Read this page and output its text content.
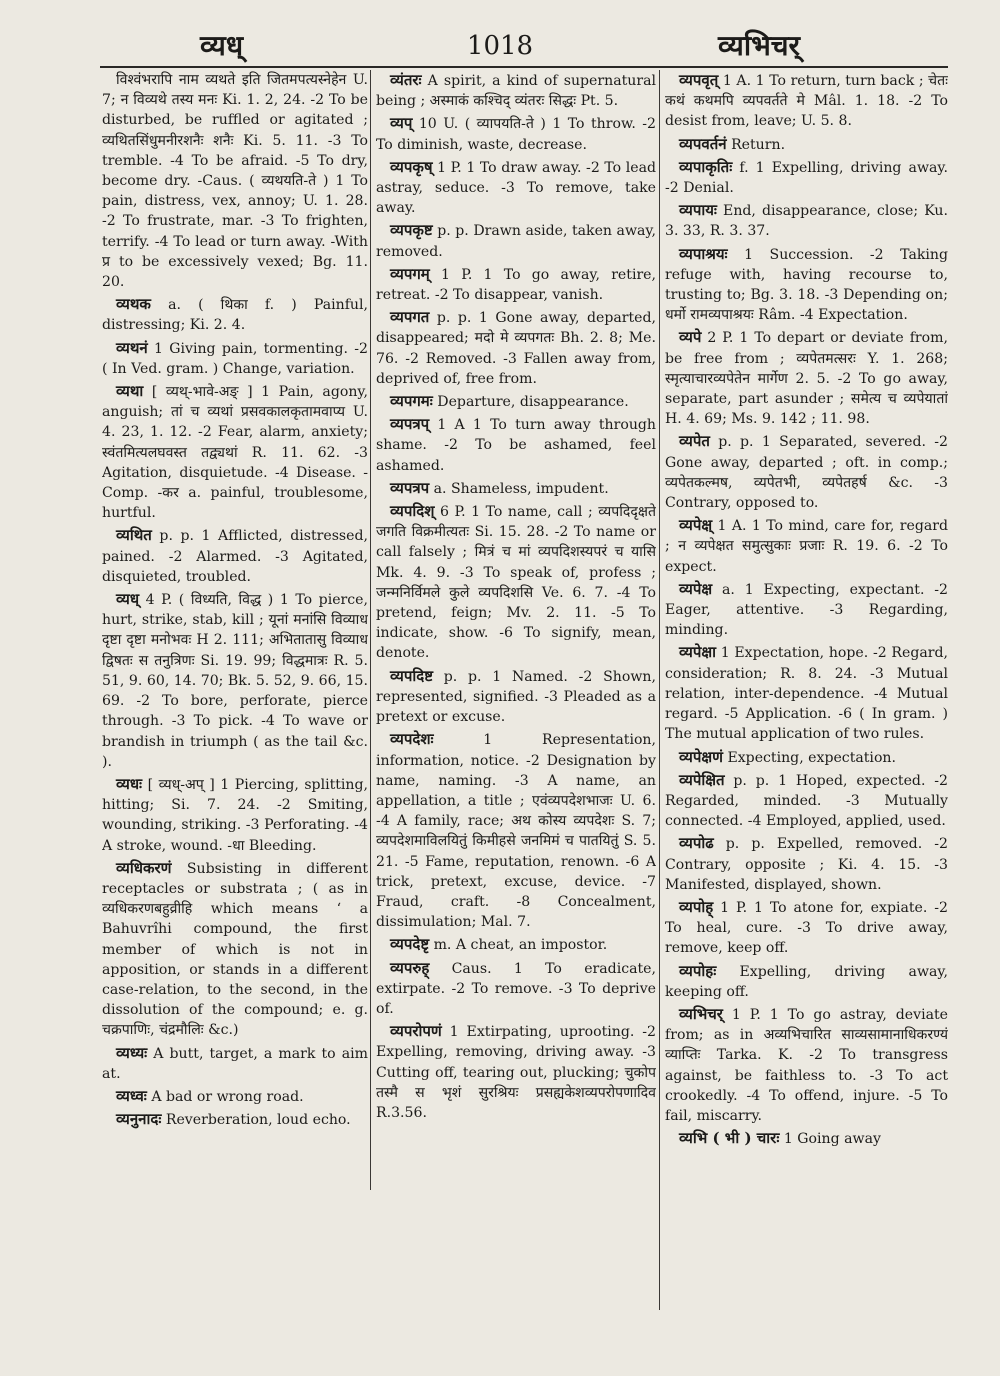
व्यध्	1018	व्यभिचर्

विश्वंभरापि नाम व्यथते इति जितमपत्यस्नेहेन U. 7; न विव्यथे तस्य मनः Ki. 1. 2, 24. -2 To be disturbed, be ruffled or agitated ; व्यथितसिंधुमनीरशनैः शनैः Ki. 5. 11. -3 To tremble. -4 To be afraid. -5 To dry, become dry. -Caus. ( व्यथयति-ते ) 1 To pain, distress, vex, annoy; U. 1. 28. -2 To frustrate, mar. -3 To frighten, terrify. -4 To lead or turn away. -With प्र to be excessively vexed; Bg. 11. 20.

व्यथक a. ( थिका f. ) Painful, distressing; Ki. 2. 4.

व्यथनं 1 Giving pain, tormenting. -2 ( In Ved. gram. ) Change, variation.

व्यथा [ व्यथ्-भावे-अङ् ] 1 Pain, agony, anguish; तां च व्यथां प्रसवकालकृतामवाप्य U. 4. 23, 1. 12. -2 Fear, alarm, anxiety; स्वंतमित्यलघवस्त तद्व्यथां R. 11. 62. -3 Agitation, disquietude. -4 Disease. -Comp. -कर a. painful, troublesome, hurtful.

व्यथित p. p. 1 Afflicted, distressed, pained. -2 Alarmed. -3 Agitated, disquieted, troubled.

व्यध् 4 P. ( विध्यति, विद्ध ) 1 To pierce, hurt, strike, stab, kill ; यूनां मनांसि विव्याध दृष्टा दृष्टा मनोभवः H 2. 111; अभितातासु विव्याध द्विषतः स तनुत्रिणः Si. 19. 99; विद्धमात्रः R. 5. 51, 9. 60, 14. 70; Bk. 5. 52, 9. 66, 15. 69. -2 To bore, perforate, pierce through. -3 To pick. -4 To wave or brandish in triumph ( as the tail &c. ).

व्यधः [ व्यध्-अप् ] 1 Piercing, splitting, hitting; Si. 7. 24. -2 Smiting, wounding, striking. -3 Perforating. -4 A stroke, wound. -धा Bleeding.

व्यधिकरणं Subsisting in different receptacles or substrata ; ( as in व्यधिकरणबहुव्रीहि which means ‘ a Bahuvrîhi compound, the first member of which is not in apposition, or stands in a different case-relation, to the second, in the dissolution of the compound; e. g. चक्रपाणिः, चंद्रमौलिः &c.)

व्यध्यः A butt, target, a mark to aim at.

व्यध्वः A bad or wrong road.

व्यनुनादः Reverberation, loud echo.

व्यंतरः A spirit, a kind of supernatural being ; अस्माकं कश्चिद् व्यंतरः सिद्धः Pt. 5.

व्यप् 10 U. ( व्यापयति-ते ) 1 To throw. -2 To diminish, waste, decrease.

व्यपकृष् 1 P. 1 To draw away. -2 To lead astray, seduce. -3 To remove, take away.

व्यपकृष्ट p. p. Drawn aside, taken away, removed.

व्यपगम् 1 P. 1 To go away, retire, retreat. -2 To disappear, vanish.

व्यपगत p. p. 1 Gone away, departed, disappeared; मदो मे व्यपगतः Bh. 2. 8; Me. 76. -2 Removed. -3 Fallen away from, deprived of, free from.

व्यपगमः Departure, disappearance.

व्यपत्रप् 1 A 1 To turn away through shame. -2 To be ashamed, feel ashamed.

व्यपत्रप a. Shameless, impudent.

व्यपदिश् 6 P. 1 To name, call ; व्यपदिदृक्षते जगति विक्रमीत्यतः Si. 15. 28. -2 To name or call falsely ; मित्रं च मां व्यपदिशस्यपरं च यासि Mk. 4. 9. -3 To speak of, profess ; जन्मनिर्विमले कुले व्यपदिशसि Ve. 6. 7. -4 To pretend, feign; Mv. 2. 11. -5 To indicate, show. -6 To signify, mean, denote.

व्यपदिष्ट p. p. 1 Named. -2 Shown, represented, signified. -3 Pleaded as a pretext or excuse.

व्यपदेशः	1 Representation, information, notice. -2 Designation by name, naming. -3 A name, an appellation, a title ; एवंव्यपदेशभाजः U. 6. -4 A family, race; अथ कोस्य व्यपदेशः S. 7; व्यपदेशमाविलयितुं किमीहसे जनमिमं च पातयितुं S. 5. 21. -5 Fame, reputation, renown. -6 A trick, pretext, excuse, device. -7 Fraud, craft. -8 Concealment, dissimulation; Mal. 7.

व्यपदेष्टृ m. A cheat, an impostor.

व्यपरुह् Caus. 1 To eradicate, extirpate. -2 To remove. -3 To deprive of.

व्यपरोपणं 1 Extirpating, uprooting. -2 Expelling, removing, driving away. -3 Cutting off, tearing out, plucking; चुकोप तस्मै स भृशं सुरश्रियः प्रसह्यकेशव्यपरोपणादिव R.3.56.

व्यपवृत् 1 A. 1 To return, turn back ; चेतः कथं कथमपि व्यपवर्तते मे Mâl. 1. 18. -2 To desist from, leave; U. 5. 8.

व्यपवर्तनं Return.

व्यपाकृतिः f. 1 Expelling, driving away. -2 Denial.

व्यपायः End, disappearance, close; Ku. 3. 33, R. 3. 37.

व्यपाश्रयः 1 Succession. -2 Taking refuge with, having recourse to, trusting to; Bg. 3. 18. -3 Depending on; धर्मो रामव्यपाश्रयः Râm. -4 Expectation.

व्यपे 2 P. 1 To depart or deviate from, be free from ; व्यपेतमत्सरः Y. 1. 268; स्मृत्याचारव्यपेतेन मार्गेण 2. 5. -2 To go away, separate, part asunder ; समेत्य च व्यपेयातां H. 4. 69; Ms. 9. 142 ; 11. 98.

व्यपेत p. p. 1 Separated, severed. -2 Gone away, departed ; oft. in comp.; व्यपेतकल्मष, व्यपेतभी, व्यपेतहर्ष &c. -3 Contrary, opposed to.

व्यपेक्ष् 1 A. 1 To mind, care for, regard ; न व्यपेक्षत समुत्सुकाः प्रजाः R. 19. 6. -2 To expect.

व्यपेक्ष a. 1 Expecting, expectant. -2 Eager, attentive. -3 Regarding, minding.

व्यपेक्षा 1 Expectation, hope. -2 Regard, consideration; R. 8. 24. -3 Mutual relation, inter-dependence. -4 Mutual regard. -5 Application. -6 ( In gram. ) The mutual application of two rules.

व्यपेक्षणं Expecting, expectation.

व्यपेक्षित p. p. 1 Hoped, expected. -2 Regarded, minded. -3 Mutually connected. -4 Employed, applied, used.

व्यपोढ p. p. Expelled, removed. -2 Contrary, opposite ; Ki. 4. 15. -3 Manifested, displayed, shown.

व्यपोह् 1 P. 1 To atone for, expiate. -2 To heal, cure. -3 To drive away, remove, keep off.

व्यपोहः Expelling, driving away, keeping off.

व्यभिचर् 1 P. 1 To go astray, deviate from; as in अव्यभिचारित साव्यसामानाधिकरण्यं व्याप्तिः Tarka. K. -2 To transgress against, be faithless to. -3 To act crookedly. -4 To offend, injure. -5 To fail, miscarry.

व्यभि ( भी ) चारः 1 Going away
